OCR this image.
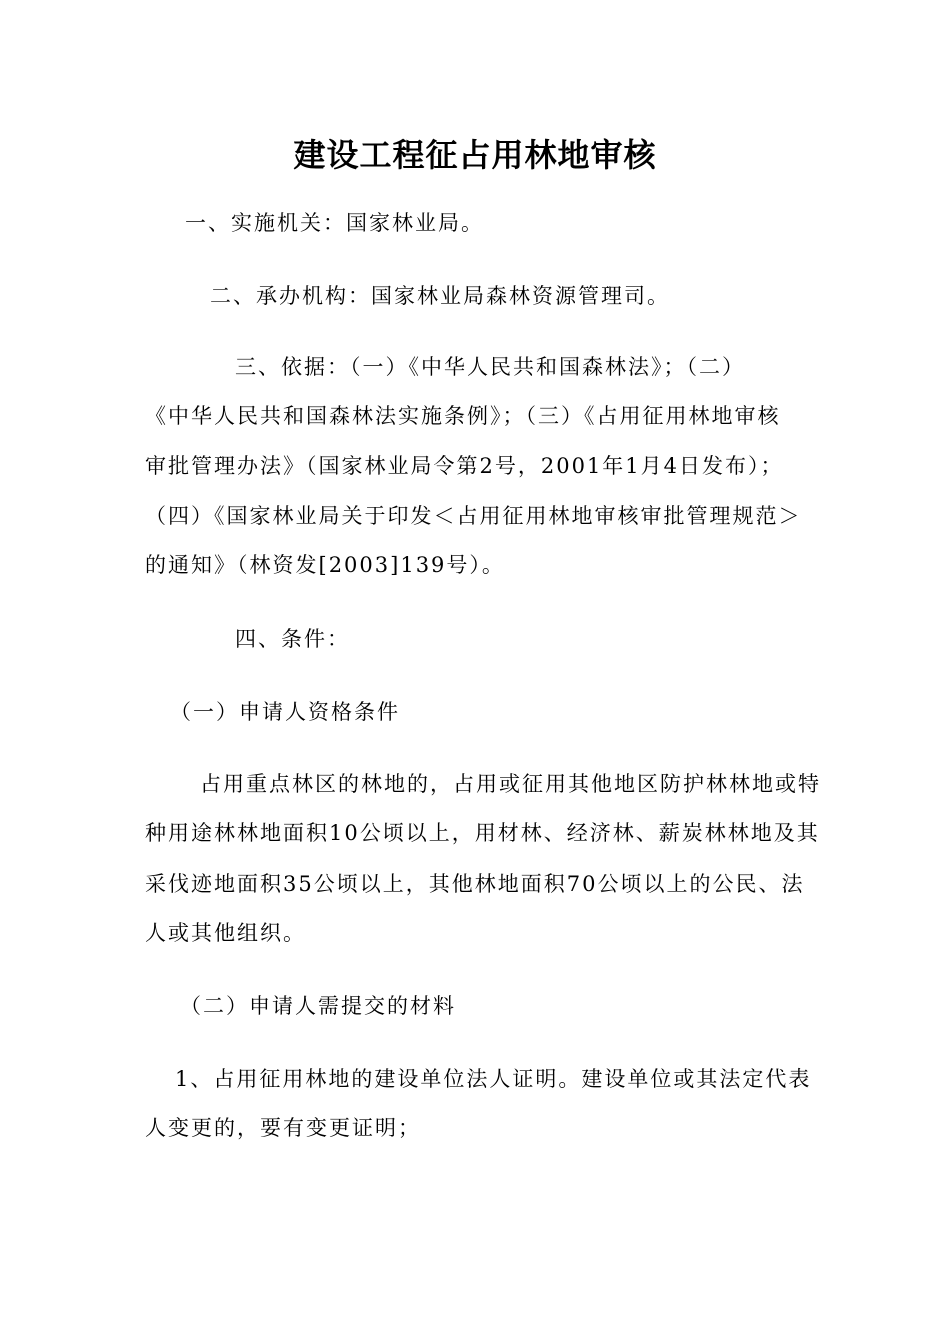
建设工程征占用林地审核
一、实施机关：国家林业局。
二、承办机构：国家林业局森林资源管理司。
三、依据：（一）《中华人民共和国森林法》；（二）
《中华人民共和国森林法实施条例》；（三）《占用征用林地审核
审批管理办法》（国家林业局令第2号，2001年1月4日发布）；
（四）《国家林业局关于印发＜占用征用林地审核审批管理规范＞
的通知》（林资发[2003]139号）。
四、条件：
（一）申请人资格条件
占用重点林区的林地的，占用或征用其他地区防护林林地或特
种用途林林地面积10公顷以上，用材林、经济林、薪炭林林地及其
采伐迹地面积35公顷以上，其他林地面积70公顷以上的公民、法
人或其他组织。
（二）申请人需提交的材料
1、占用征用林地的建设单位法人证明。建设单位或其法定代表
人变更的，要有变更证明；
